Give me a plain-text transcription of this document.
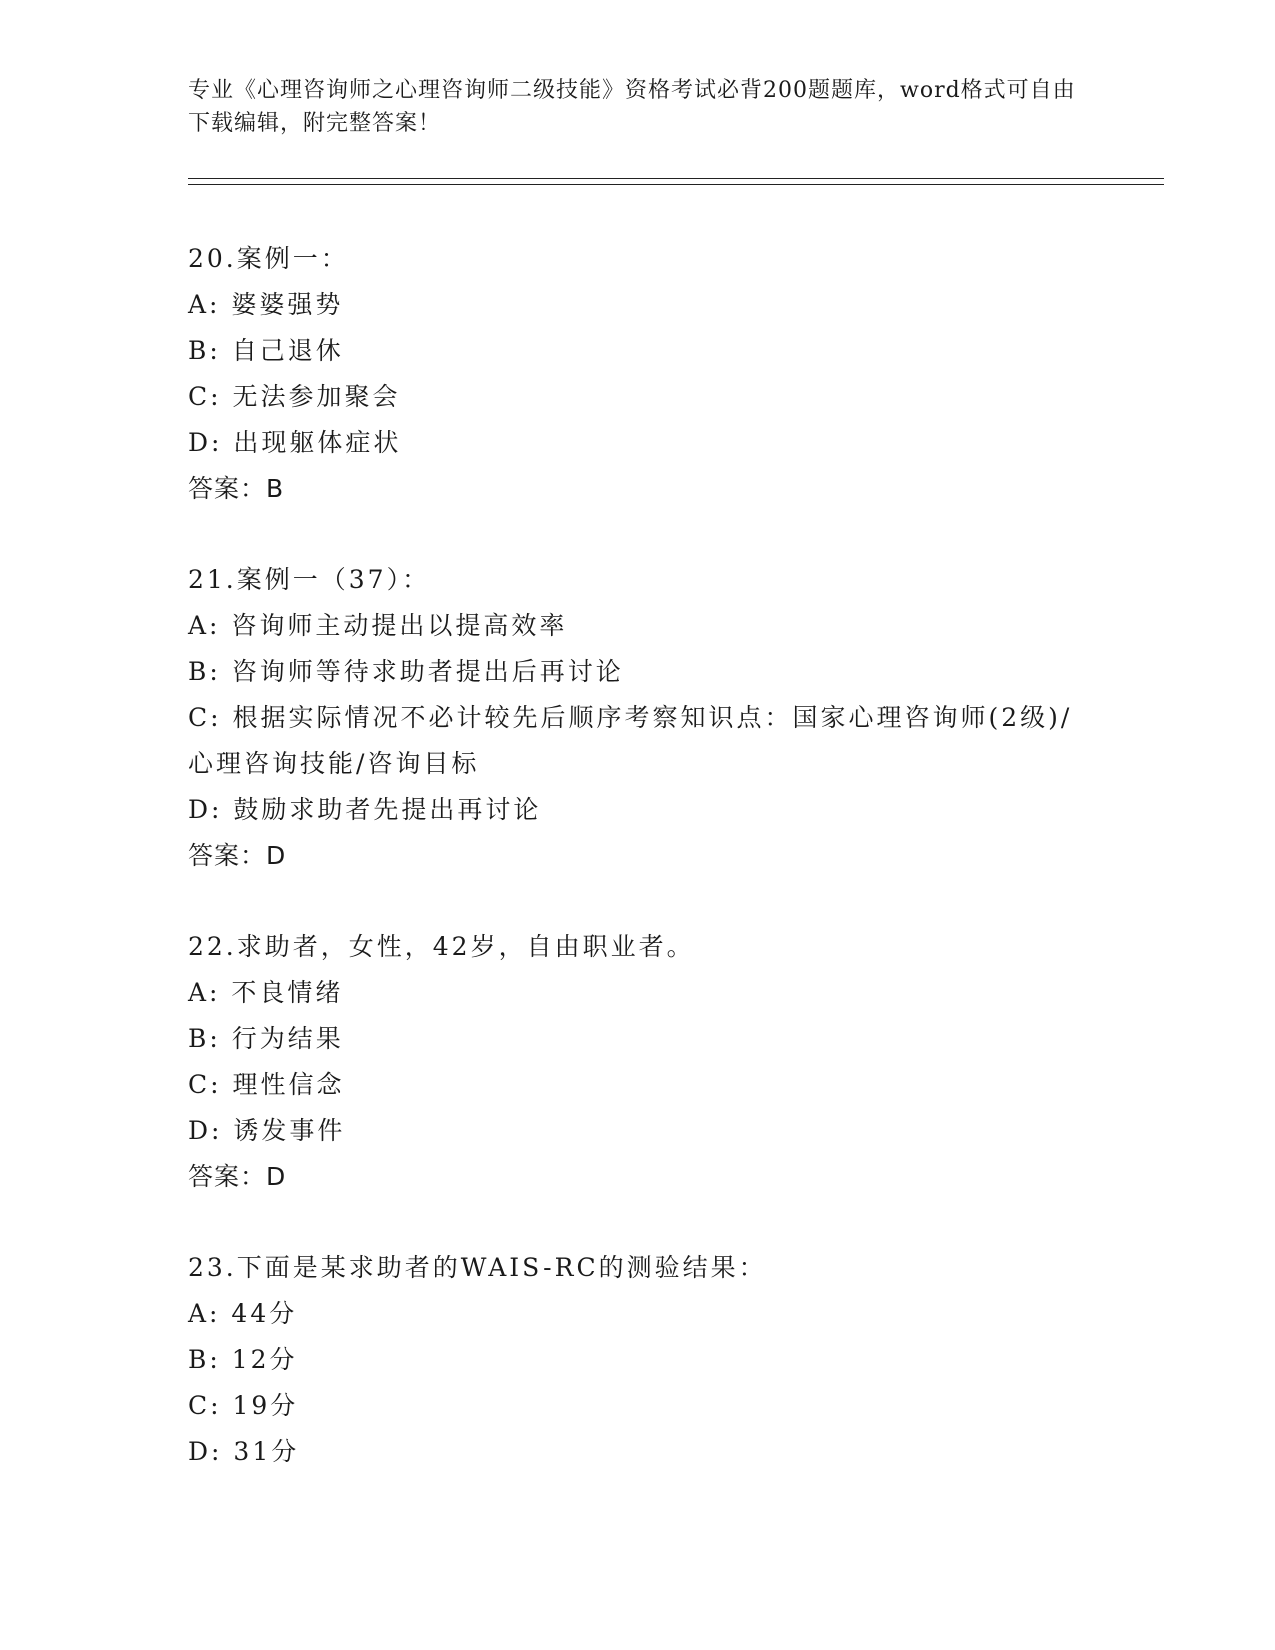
专业《心理咨询师之心理咨询师二级技能》资格考试必背200题题库，word格式可自由下载编辑，附完整答案！
20.案例一：
A: 婆婆强势
B: 自己退休
C: 无法参加聚会
D: 出现躯体症状
答案：B
21.案例一（37）：
A: 咨询师主动提出以提高效率
B: 咨询师等待求助者提出后再讨论
C: 根据实际情况不必计较先后顺序考察知识点：国家心理咨询师(2级)/心理咨询技能/咨询目标
D: 鼓励求助者先提出再讨论
答案：D
22.求助者，女性，42岁，自由职业者。
A: 不良情绪
B: 行为结果
C: 理性信念
D: 诱发事件
答案：D
23.下面是某求助者的WAIS-RC的测验结果：
A: 44分
B: 12分
C: 19分
D: 31分
